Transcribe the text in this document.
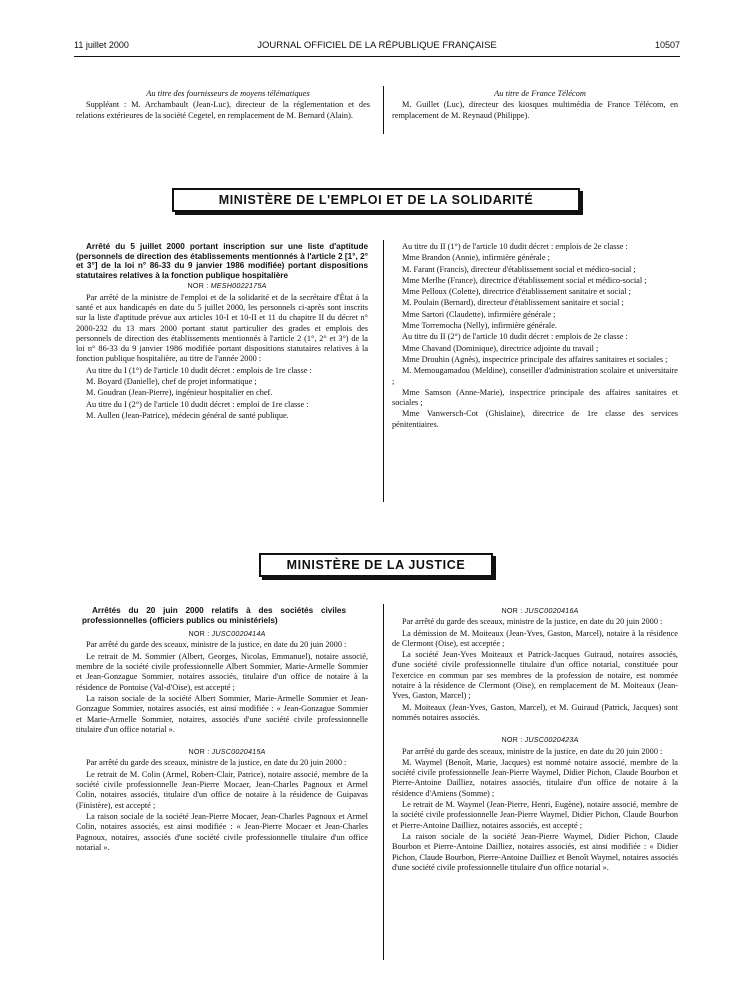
11 juillet 2000	JOURNAL OFFICIEL DE LA RÉPUBLIQUE FRANÇAISE	10507

Au titre des fournisseurs de moyens télématiques

Suppléant : M. Archambault (Jean-Luc), directeur de la réglementation et des relations extérieures de la société Cegetel, en remplacement de M. Bernard (Alain).

Au titre de France Télécom

M. Guillet (Luc), directeur des kiosques multimédia de France Télécom, en remplacement de M. Reynaud (Philippe).

MINISTÈRE DE L'EMPLOI ET DE LA SOLIDARITÉ

Arrêté du 5 juillet 2000 portant inscription sur une liste d'aptitude (personnels de direction des établissements mentionnés à l'article 2 [1°, 2° et 3°] de la loi n° 86-33 du 9 janvier 1986 modifiée) portant dispositions statutaires relatives à la fonction publique hospitalière

NOR : MESH0022175A

Par arrêté de la ministre de l'emploi et de la solidarité et de la secrétaire d'État à la santé et aux handicapés en date du 5 juillet 2000, les personnels ci-après sont inscrits sur la liste d'aptitude prévue aux articles 10-I et 10-II et 11 du chapitre II du décret n° 2000-232 du 13 mars 2000 portant statut particulier des grades et emplois des personnels de direction des établissements mentionnés à l'article 2 (1°, 2° et 3°) de la loi n° 86-33 du 9 janvier 1986 modifiée portant dispositions statutaires relatives à la fonction publique hospitalière, au titre de l'année 2000 :

Au titre du I (1°) de l'article 10 dudit décret : emplois de 1re classe :

M. Boyard (Danielle), chef de projet informatique ;

M. Goudran (Jean-Pierre), ingénieur hospitalier en chef.

Au titre du I (2°) de l'article 10 dudit décret : emploi de 1re classe :

M. Aullen (Jean-Patrice), médecin général de santé publique.

Au titre du II (1°) de l'article 10 dudit décret : emplois de 2e classe :

Mme Brandon (Annie), infirmière générale ;

M. Farant (Francis), directeur d'établissement social et médico-social ;

Mme Merlhe (France), directrice d'établissement social et médico-social ;

Mme Pelloux (Colette), directrice d'établissement sanitaire et social ;

M. Poulain (Bernard), directeur d'établissement sanitaire et social ;

Mme Sartori (Claudette), infirmière générale ;

Mme Torremocha (Nelly), infirmière générale.

Au titre du II (2°) de l'article 10 dudit décret : emplois de 2e classe :

Mme Chavand (Dominique), directrice adjointe du travail ;

Mme Drouhin (Agnès), inspectrice principale des affaires sanitaires et sociales ;

M. Memougamadou (Meldine), conseiller d'administration scolaire et universitaire ;

Mme Samson (Anne-Marie), inspectrice principale des affaires sanitaires et sociales ;

Mme Vanwersch-Cot (Ghislaine), directrice de 1re classe des services pénitentiaires.

MINISTÈRE DE LA JUSTICE

Arrêtés du 20 juin 2000 relatifs à des sociétés civiles professionnelles (officiers publics ou ministériels)

NOR : JUSC0020414A

Par arrêté du garde des sceaux, ministre de la justice, en date du 20 juin 2000 :

Le retrait de M. Sommier (Albert, Georges, Nicolas, Emmanuel), notaire associé, membre de la société civile professionnelle Albert Sommier, Marie-Armelle Sommier et Jean-Gonzague Sommier, notaires associés, titulaire d'un office de notaire à la résidence de Pontoise (Val-d'Oise), est accepté ;

La raison sociale de la société Albert Sommier, Marie-Armelle Sommier et Jean-Gonzague Sommier, notaires associés, est ainsi modifiée : « Jean-Gonzague Sommier et Marie-Armelle Sommier, notaires, associés d'une société civile professionnelle titulaire d'un office notarial ».

NOR : JUSC0020415A

Par arrêté du garde des sceaux, ministre de la justice, en date du 20 juin 2000 :

Le retrait de M. Colin (Armel, Robert-Clair, Patrice), notaire associé, membre de la société civile professionnelle Jean-Pierre Mocaer, Jean-Charles Pagnoux et Armel Colin, notaires associés, titulaire d'un office de notaire à la résidence de Guipavas (Finistère), est accepté ;

La raison sociale de la société Jean-Pierre Mocaer, Jean-Charles Pagnoux et Armel Colin, notaires associés, est ainsi modifiée : « Jean-Pierre Mocaer et Jean-Charles Pagnoux, notaires, associés d'une société civile professionnelle titulaire d'un office notarial ».

NOR : JUSC0020416A

Par arrêté du garde des sceaux, ministre de la justice, en date du 20 juin 2000 :

La démission de M. Moiteaux (Jean-Yves, Gaston, Marcel), notaire à la résidence de Clermont (Oise), est acceptée ;

La société Jean-Yves Moiteaux et Patrick-Jacques Guiraud, notaires associés, d'une société civile professionnelle titulaire d'un office notarial, constituée pour l'exercice en commun par ses membres de la profession de notaire, est nommée notaire à la résidence de Clermont (Oise), en remplacement de M. Moiteaux (Jean-Yves, Gaston, Marcel) ;

M. Moiteaux (Jean-Yves, Gaston, Marcel), et M. Guiraud (Patrick, Jacques) sont nommés notaires associés.

NOR : JUSC0020423A

Par arrêté du garde des sceaux, ministre de la justice, en date du 20 juin 2000 :

M. Waymel (Benoît, Marie, Jacques) est nommé notaire associé, membre de la société civile professionnelle Jean-Pierre Waymel, Didier Pichon, Claude Bourbon et Pierre-Antoine Dailliez, notaires associés, titulaire d'un office de notaire à la résidence d'Amiens (Somme) ;

Le retrait de M. Waymel (Jean-Pierre, Henri, Eugène), notaire associé, membre de la société civile professionnelle Jean-Pierre Waymel, Didier Pichon, Claude Bourbon et Pierre-Antoine Dailliez, notaires associés, est accepté ;

La raison sociale de la société Jean-Pierre Waymel, Didier Pichon, Claude Bourbon et Pierre-Antoine Dailliez, notaires associés, est ainsi modifiée : « Didier Pichon, Claude Bourbon, Pierre-Antoine Dailliez et Benoît Waymel, notaires associés d'une société civile professionnelle titulaire d'un office notarial ».
